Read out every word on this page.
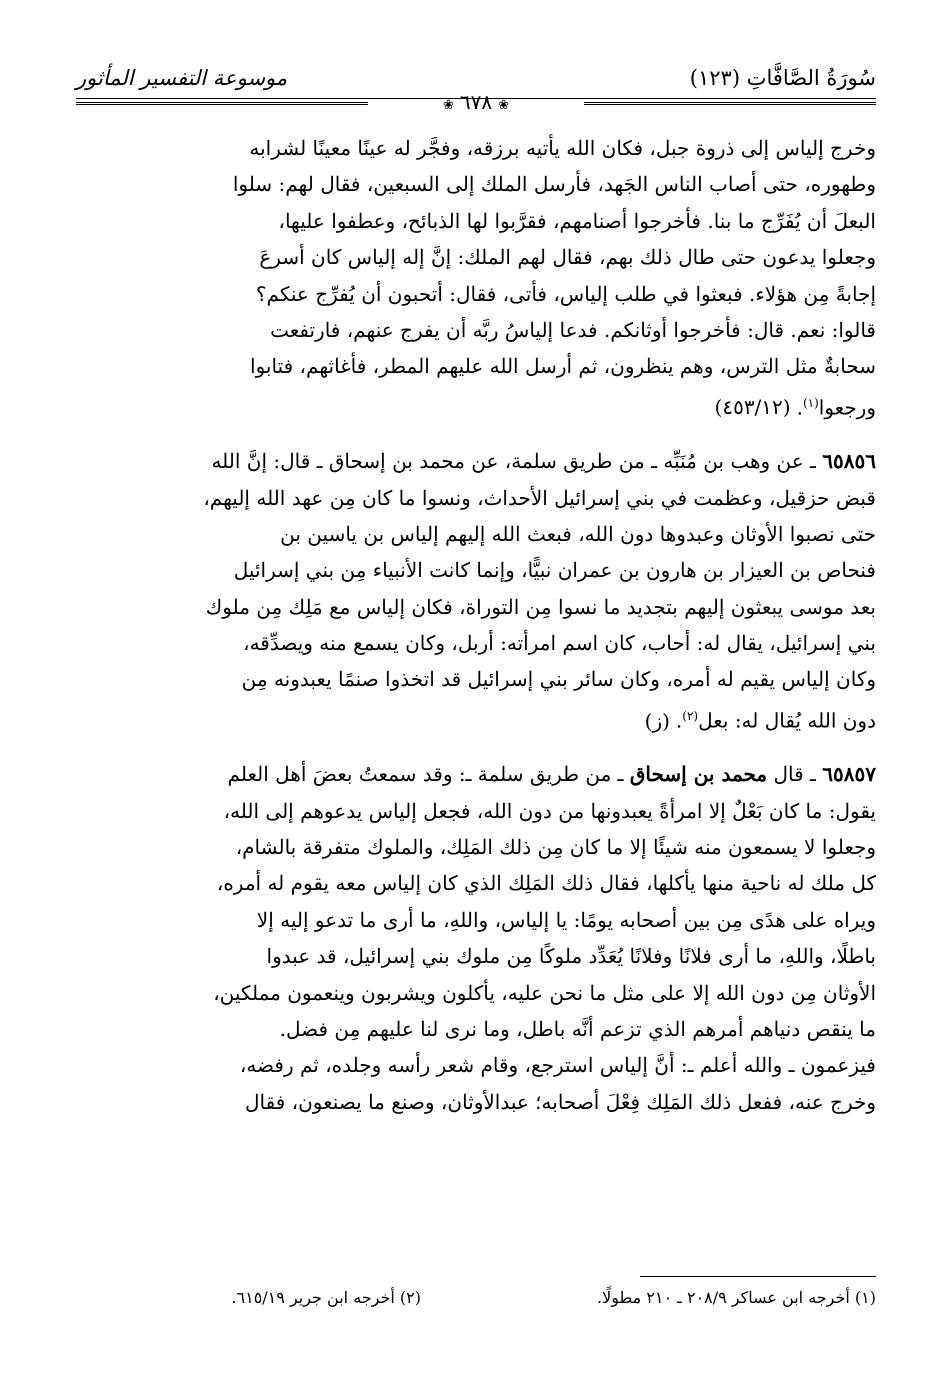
سُورَةُ الصَّافَّاتِ (١٢٣)
موسوعة التفسير المأثور
❀٦٧٨❀
وخرج إلياس إلى ذروة جبل، فكان الله يأتيه برزقه، وفجَّر له عينًا معينًا لشرابه
وطهوره، حتى أصاب الناس الجَهد، فأرسل الملك إلى السبعين، فقال لهم: سلوا
البعلَ أن يُفَرِّج ما بنا. فأخرجوا أصنامهم، فقرَّبوا لها الذبائح، وعطفوا عليها،
وجعلوا يدعون حتى طال ذلك بهم، فقال لهم الملك: إنَّ إله إلياس كان أسرعَ
إجابةً مِن هؤلاء. فبعثوا في طلب إلياس، فأتى، فقال: أتحبون أن يُفرِّج عنكم؟
قالوا: نعم. قال: فأخرجوا أوثانكم. فدعا إلياسُ ربَّه أن يفرج عنهم، فارتفعت
سحابةٌ مثل الترس، وهم ينظرون، ثم أرسل الله عليهم المطر، فأغاثهم، فتابوا
ورجعوا$^{(١)}$.(٤٥٣/١٢)
٦٥٨٥٦ ـ عن وهب بن مُنَبِّه ـ من طريق سلمة، عن محمد بن إسحاق ـ قال: إنَّ الله
قبض حزقيل، وعظمت في بني إسرائيل الأحداث، ونسوا ما كان مِن عهد الله إليهم،
حتى نصبوا الأوثان وعبدوها دون الله، فبعث الله إليهم إلياس بن ياسين بن
فنحاص بن العيزار بن هارون بن عمران نبيًّا، وإنما كانت الأنبياء مِن بني إسرائيل
بعد موسى يبعثون إليهم بتجديد ما نسوا مِن التوراة، فكان إلياس مع مَلِك مِن ملوك
بني إسرائيل، يقال له: أحاب، كان اسم امرأته: أربل، وكان يسمع منه ويصدِّقه،
وكان إلياس يقيم له أمره، وكان سائر بني إسرائيل قد اتخذوا صنمًا يعبدونه مِن
دون الله يُقال له: بعل$^{(٢)}$.(ز)
٦٥٨٥٧ ـ قال محمد بن إسحاق ـ من طريق سلمة ـ: وقد سمعتُ بعضَ أهل العلم
يقول: ما كان بَعْلٌ إلا امرأةً يعبدونها من دون الله، فجعل إلياس يدعوهم إلى الله،
وجعلوا لا يسمعون منه شيئًا إلا ما كان مِن ذلك المَلِك، والملوك متفرقة بالشام،
كل ملك له ناحية منها يأكلها، فقال ذلك المَلِك الذي كان إلياس معه يقوم له أمره،
ويراه على هدًى مِن بين أصحابه يومًا: يا إلياس، واللهِ، ما أرى ما تدعو إليه إلا
باطلًا، واللهِ، ما أرى فلانًا وفلانًا يُعَدِّد ملوكًا مِن ملوك بني إسرائيل، قد عبدوا
الأوثان مِن دون الله إلا على مثل ما نحن عليه، يأكلون ويشربون وينعمون مملكين،
ما ينقص دنياهم أمرهم الذي تزعم أنَّه باطل، وما نرى لنا عليهم مِن فضل.
فيزعمون ـ والله أعلم ـ: أنَّ إلياس استرجع، وقام شعر رأسه وجلده، ثم رفضه،
وخرج عنه، ففعل ذلك المَلِك فِعْلَ أصحابه؛ عبدالأوثان، وصنع ما يصنعون، فقال
(١) أخرجه ابن عساكر ٢٠٨/٩ ـ ٢١٠ مطولًا.
(٢) أخرجه ابن جرير ٦١٥/١٩.
